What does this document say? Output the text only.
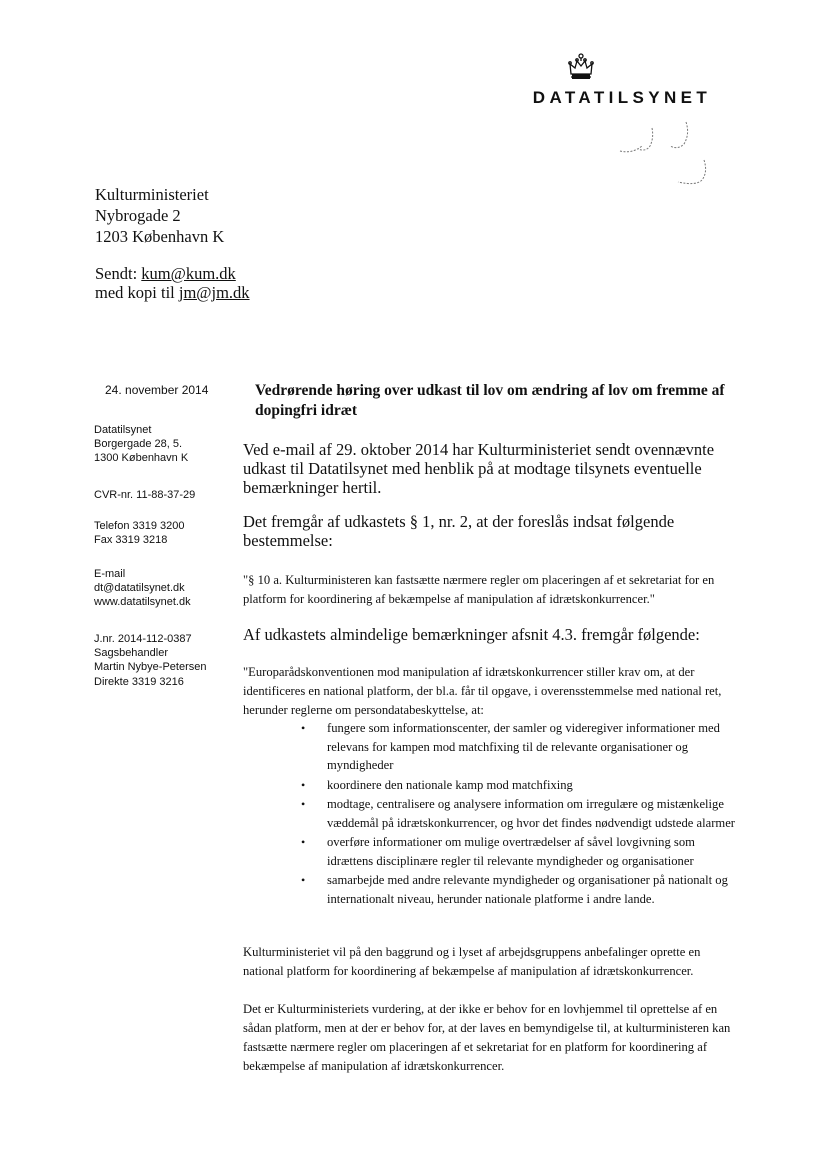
DATATILSYNET
Kulturministeriet
Nybrogade 2
1203 København K
Sendt: kum@kum.dk
med kopi til jm@jm.dk
24. november 2014
Datatilsynet
Borgergade 28, 5.
1300 København K
CVR-nr. 11-88-37-29
Telefon 3319 3200
Fax 3319 3218
E-mail
dt@datatilsynet.dk
www.datatilsynet.dk
J.nr. 2014-112-0387
Sagsbehandler
Martin Nybye-Petersen
Direkte 3319 3216
Vedrørende høring over udkast til lov om ændring af lov om fremme af dopingfri idræt
Ved e-mail af 29. oktober 2014 har Kulturministeriet sendt ovennævnte udkast til Datatilsynet med henblik på at modtage tilsynets eventuelle bemærkninger hertil.
Det fremgår af udkastets § 1, nr. 2, at der foreslås indsat følgende bestemmelse:
"§ 10 a. Kulturministeren kan fastsætte nærmere regler om placeringen af et sekretariat for en platform for koordinering af bekæmpelse af manipulation af idrætskonkurrencer."
Af udkastets almindelige bemærkninger afsnit 4.3. fremgår følgende:
"Europarådskonventionen mod manipulation af idrætskonkurrencer stiller krav om, at der identificeres en national platform, der bl.a. får til opgave, i overensstemmelse med national ret, herunder reglerne om persondatabeskyttelse, at:
• fungere som informationscenter, der samler og videregiver informationer med relevans for kampen mod matchfixing til de relevante organisationer og myndigheder
• koordinere den nationale kamp mod matchfixing
• modtage, centralisere og analysere information om irregulære og mistænkelige væddemål på idrætskonkurrencer, og hvor det findes nødvendigt udstede alarmer
• overføre informationer om mulige overtrædelser af såvel lovgivning som idrættens disciplinære regler til relevante myndigheder og organisationer
• samarbejde med andre relevante myndigheder og organisationer på nationalt og internationalt niveau, herunder nationale platforme i andre lande.
Kulturministeriet vil på den baggrund og i lyset af arbejdsgruppens anbefalinger oprette en national platform for koordinering af bekæmpelse af manipulation af idrætskonkurrencer.
Det er Kulturministeriets vurdering, at der ikke er behov for en lovhjemmel til oprettelse af en sådan platform, men at der er behov for, at der laves en bemyndigelse til, at kulturministeren kan fastsætte nærmere regler om placeringen af et sekretariat for en platform for koordinering af bekæmpelse af manipulation af idrætskonkurrencer.
